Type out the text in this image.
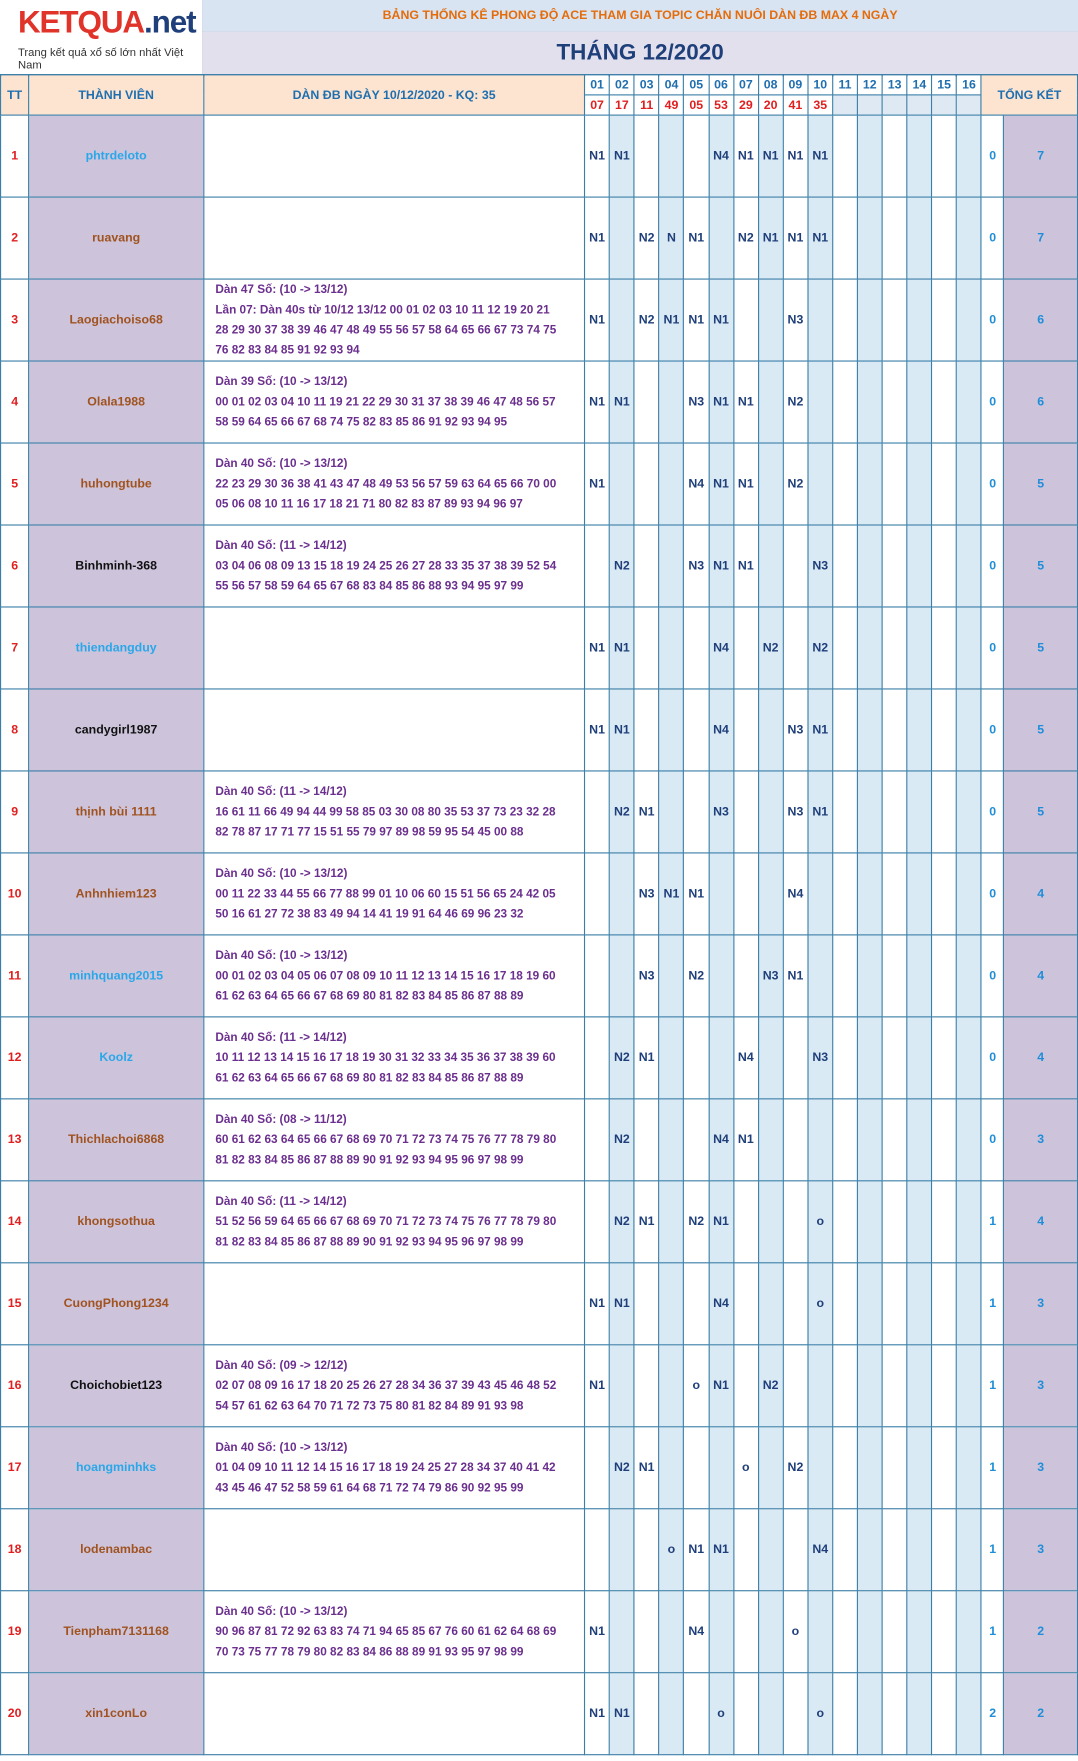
KETQUA.net
Trang kết quả xổ số lớn nhất Việt Nam
BẢNG THỐNG KÊ PHONG ĐỘ ACE THAM GIA TOPIC CHĂN NUÔI DÀN ĐB MAX 4 NGÀY
THÁNG 12/2020
TT	THÀNH VIÊN	DÀN ĐB NGÀY 10/12/2020 - KQ: 35	01	02	03	04	05	06	07	08	09	10	11	12	13	14	15	16	TỔNG KẾT	
			07	17	11	49	05	53	29	20	41	35								
1	phtrdeloto		N1	N1				N4	N1	N1	N1	N1							0	7
2	ruavang		N1		N2	N	N1		N2	N1	N1	N1							0	7
3	Laogiachoiso68	Dàn 47 Số: (10 -> 13/12)
Lần 07: Dàn 40s từ 10/12 13/12 00 01 02 03 10 11 12 19 20 21
28 29 30 37 38 39 46 47 48 49 55 56 57 58 64 65 66 67 73 74 75
76 82 83 84 85 91 92 93 94	N1		N2	N1	N1	N1			N3								0	6
4	Olala1988	Dàn 39 Số: (10 -> 13/12)
00 01 02 03 04 10 11 19 21 22 29 30 31 37 38 39 46 47 48 56 57
58 59 64 65 66 67 68 74 75 82 83 85 86 91 92 93 94 95	N1	N1			N3	N1	N1		N2								0	6
5	huhongtube	Dàn 40 Số: (10 -> 13/12)
22 23 29 30 36 38 41 43 47 48 49 53 56 57 59 63 64 65 66 70 00
05 06 08 10 11 16 17 18 21 71 80 82 83 87 89 93 94 96 97	N1				N4	N1	N1		N2								0	5
6	Binhminh-368	Dàn 40 Số: (11 -> 14/12)
03 04 06 08 09 13 15 18 19 24 25 26 27 28 33 35 37 38 39 52 54
55 56 57 58 59 64 65 67 68 83 84 85 86 88 93 94 95 97 99		N2			N3	N1	N1			N3							0	5
7	thiendangduy		N1	N1				N4		N2		N2							0	5
8	candygirl1987		N1	N1				N4			N3	N1							0	5
9	thịnh bùi 1111	Dàn 40 Số: (11 -> 14/12)
16 61 11 66 49 94 44 99 58 85 03 30 08 80 35 53 37 73 23 32 28
82 78 87 17 71 77 15 51 55 79 97 89 98 59 95 54 45 00 88		N2	N1			N3			N3	N1							0	5
10	Anhnhiem123	Dàn 40 Số: (10 -> 13/12)
00 11 22 33 44 55 66 77 88 99 01 10 06 60 15 51 56 65 24 42 05
50 16 61 27 72 38 83 49 94 14 41 19 91 64 46 69 96 23 32			N3	N1	N1				N4								0	4
11	minhquang2015	Dàn 40 Số: (10 -> 13/12)
00 01 02 03 04 05 06 07 08 09 10 11 12 13 14 15 16 17 18 19 60
61 62 63 64 65 66 67 68 69 80 81 82 83 84 85 86 87 88 89			N3		N2			N3	N1								0	4
12	Koolz	Dàn 40 Số: (11 -> 14/12)
10 11 12 13 14 15 16 17 18 19 30 31 32 33 34 35 36 37 38 39 60
61 62 63 64 65 66 67 68 69 80 81 82 83 84 85 86 87 88 89		N2	N1				N4			N3							0	4
13	Thichlachoi6868	Dàn 40 Số: (08 -> 11/12)
60 61 62 63 64 65 66 67 68 69 70 71 72 73 74 75 76 77 78 79 80
81 82 83 84 85 86 87 88 89 90 91 92 93 94 95 96 97 98 99		N2				N4	N1										0	3
14	khongsothua	Dàn 40 Số: (11 -> 14/12)
51 52 56 59 64 65 66 67 68 69 70 71 72 73 74 75 76 77 78 79 80
81 82 83 84 85 86 87 88 89 90 91 92 93 94 95 96 97 98 99		N2	N1		N2	N1				o							1	4
15	CuongPhong1234		N1	N1				N4				o							1	3
16	Choichobiet123	Dàn 40 Số: (09 -> 12/12)
02 07 08 09 16 17 18 20 25 26 27 28 34 36 37 39 43 45 46 48 52
54 57 61 62 63 64 70 71 72 73 75 80 81 82 84 89 91 93 98	N1				o	N1		N2									1	3
17	hoangminhks	Dàn 40 Số: (10 -> 13/12)
01 04 09 10 11 12 14 15 16 17 18 19 24 25 27 28 34 37 40 41 42
43 45 46 47 52 58 59 61 64 68 71 72 74 79 86 90 92 95 99		N2	N1				o		N2								1	3
18	lodenambac					o	N1	N1				N4							1	3
19	Tienpham7131168	Dàn 40 Số: (10 -> 13/12)
90 96 87 81 72 92 63 83 74 71 94 65 85 67 76 60 61 62 64 68 69
70 73 75 77 78 79 80 82 83 84 86 88 89 91 93 95 97 98 99	N1				N4				o								1	2
20	xin1conLo		N1	N1				o				o							2	2
